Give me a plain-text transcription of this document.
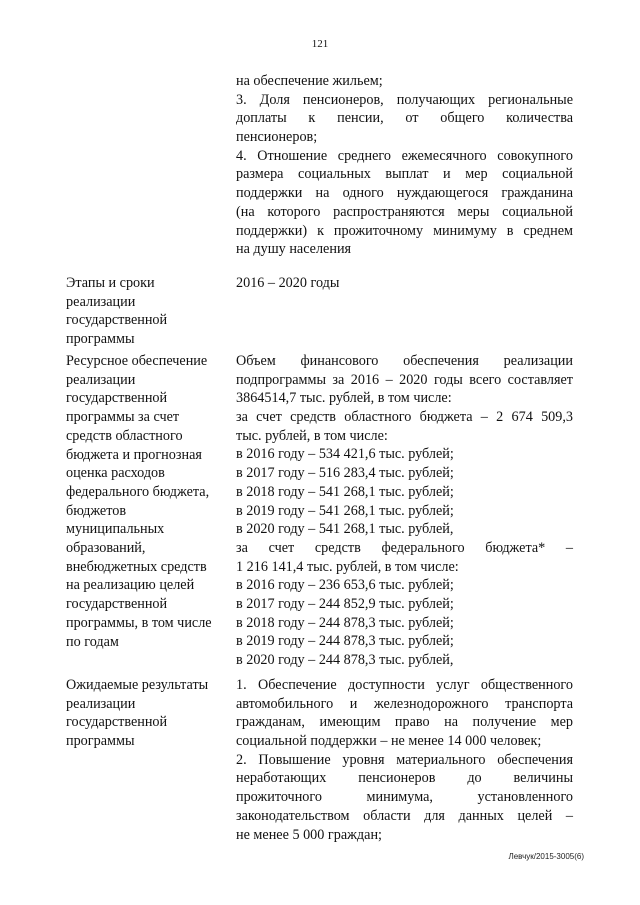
121
на обеспечение жильем;
3. Доля пенсионеров, получающих региональные
доплаты к пенсии, от общего количества
пенсионеров;
4. Отношение среднего ежемесячного совокупного
размера социальных выплат и мер социальной
поддержки на одного нуждающегося гражданина
(на которого распространяются меры социальной
поддержки) к прожиточному минимуму в среднем
на душу населения
Этапы и сроки
реализации
государственной
программы
2016 – 2020 годы
Ресурсное обеспечение
реализации
государственной
программы за счет
средств областного
бюджета и прогнозная
оценка расходов
федерального бюджета,
бюджетов
муниципальных
образований,
внебюджетных средств
на реализацию целей
государственной
программы, в том числе
по годам
Объем финансового обеспечения реализации
подпрограммы за 2016 – 2020 годы всего составляет
3864514,7 тыс. рублей, в том числе:
за счет средств областного бюджета – 2 674 509,3
тыс. рублей, в том числе:
в 2016 году – 534 421,6 тыс. рублей;
в 2017 году – 516 283,4 тыс. рублей;
в 2018 году – 541 268,1 тыс. рублей;
в 2019 году – 541 268,1 тыс. рублей;
в 2020 году – 541 268,1 тыс. рублей,
за счет средств федерального бюджета* –
1 216 141,4 тыс. рублей, в том числе:
в 2016 году – 236 653,6 тыс. рублей;
в 2017 году – 244 852,9 тыс. рублей;
в 2018 году – 244 878,3 тыс. рублей;
в 2019 году – 244 878,3 тыс. рублей;
в 2020 году – 244 878,3 тыс. рублей,
Ожидаемые результаты
реализации
государственной
программы
1. Обеспечение доступности услуг общественного
автомобильного и железнодорожного транспорта
гражданам, имеющим право на получение мер
социальной поддержки – не менее 14 000 человек;
2. Повышение уровня материального обеспечения
неработающих пенсионеров до величины
прожиточного минимума, установленного
законодательством области для данных целей –
не менее 5 000 граждан;
Левчук/2015-3005(6)
